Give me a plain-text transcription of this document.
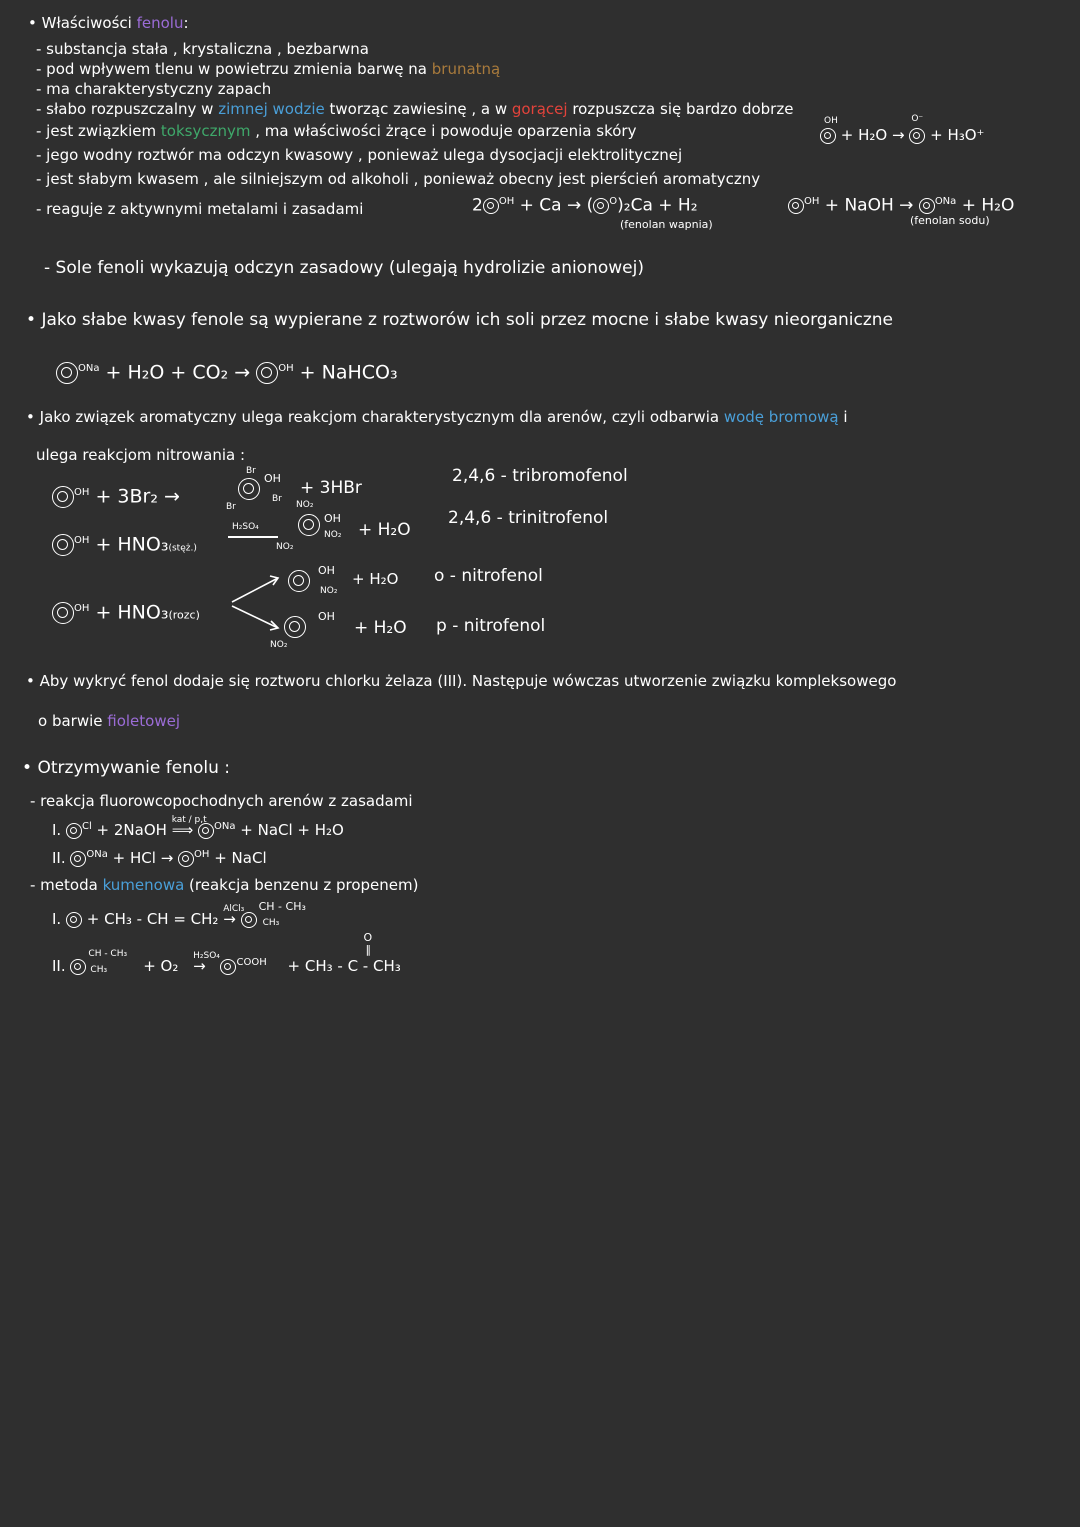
• Właściwości fenolu:
- substancja stała , krystaliczna , bezbarwna
- pod wpływem tlenu w powietrzu zmienia barwę na brunatną
- ma charakterystyczny zapach
- słabo rozpuszczalny w zimnej wodzie tworząc zawiesinę , a w gorącej rozpuszcza się bardzo dobrze
- jest związkiem toksycznym , ma właściwości żrące i powoduje oparzenia skóry
- jego wodny roztwór ma odczyn kwasowy , ponieważ ulega dysocjacji elektrolitycznej
- jest słabym kwasem , ale silniejszym od alkoholi , ponieważ obecny jest pierścień aromatyczny
- reaguje z aktywnymi metalami i zasadami
OH
+ H₂O →
O⁻
+ H₃O⁺
2 $^{OH}$ + Ca → ( $^O$)₂Ca + H₂
(fenolan wapnia)
$^{OH}$ + NaOH → $^{ONa}$ + H₂O
(fenolan sodu)
- Sole fenoli wykazują odczyn zasadowy (ulegają hydrolizie anionowej)
• Jako słabe kwasy fenole są wypierane z roztworów ich soli przez mocne i słabe kwasy nieorganiczne
$^{ONa}$ + H₂O + CO₂ →	$^{OH}$ + NaHCO₃
• Jako związek aromatyczny ulega reakcjom charakterystycznym dla arenów, czyli odbarwia wodę bromową i
ulega reakcjom nitrowania :
$^{OH}$ + 3Br₂ →
Br
Br
OH
Br
+ 3HBr
2,4,6 - tribromofenol
$^{OH}$ + HNO₃(stęż.)
H₂SO₄
NO₂
OH
NO₂
NO₂
+ H₂O
2,4,6 - trinitrofenol
$^{OH}$ + HNO₃(rozc)
OH
NO₂
+ H₂O o - nitrofenol
OH
NO₂
+ H₂O p - nitrofenol
• Aby wykryć fenol dodaje się roztworu chlorku żelaza (III). Następuje wówczas utworzenie związku kompleksowego
o barwie fioletowej
• Otrzymywanie fenolu :
- reakcja fluorowcopochodnych arenów z zasadami
I. $^{Cl}$ + 2NaOH
kat / p,t
⟹ $^{ONa}$ + NaCl + H₂O
II. $^{ONa}$ + HCl → $^{OH}$ + NaCl
- metoda kumenowa (reakcja benzenu z propenem)
I. + CH₃ - CH = CH₂
AlCl₃
→
CH - CH₃
CH₃
II.
CH - CH₃
CH₃ + O₂
H₂SO₄
→	$^{COOH}$
O
‖
+ CH₃ - C - CH₃
